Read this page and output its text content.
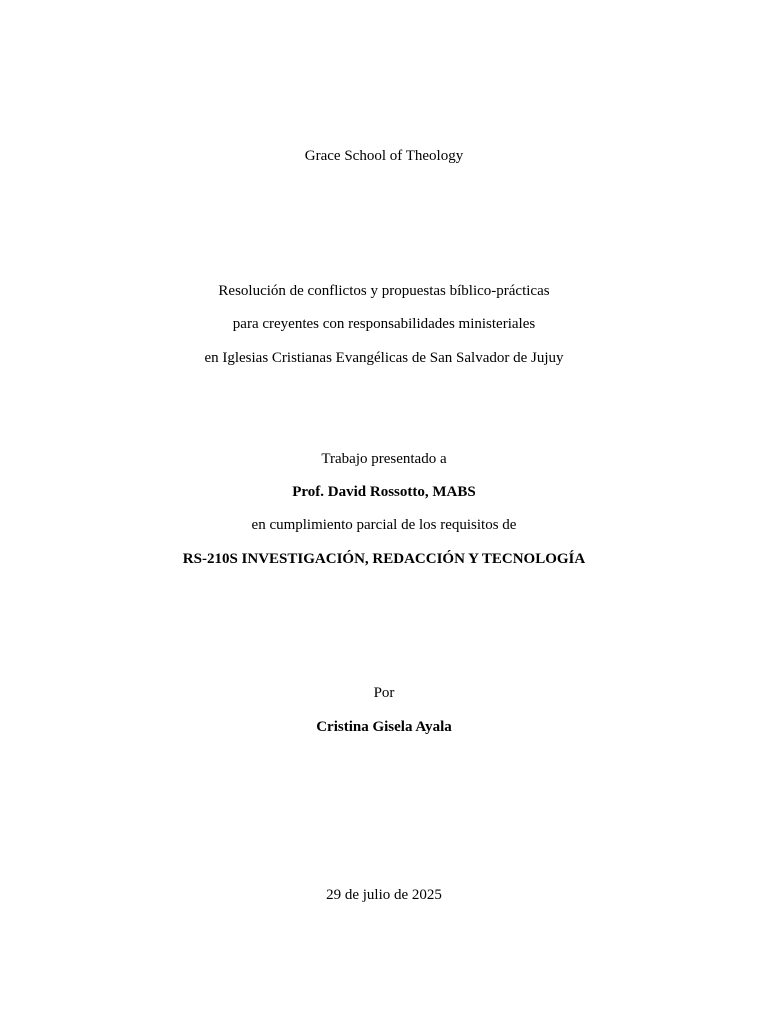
Grace School of Theology
Resolución de conflictos y propuestas bíblico-prácticas
para creyentes con responsabilidades ministeriales
en Iglesias Cristianas Evangélicas de San Salvador de Jujuy
Trabajo presentado a
Prof. David Rossotto, MABS
en cumplimiento parcial de los requisitos de
RS-210S INVESTIGACIÓN, REDACCIÓN Y TECNOLOGÍA
Por
Cristina Gisela Ayala
29 de julio de 2025
